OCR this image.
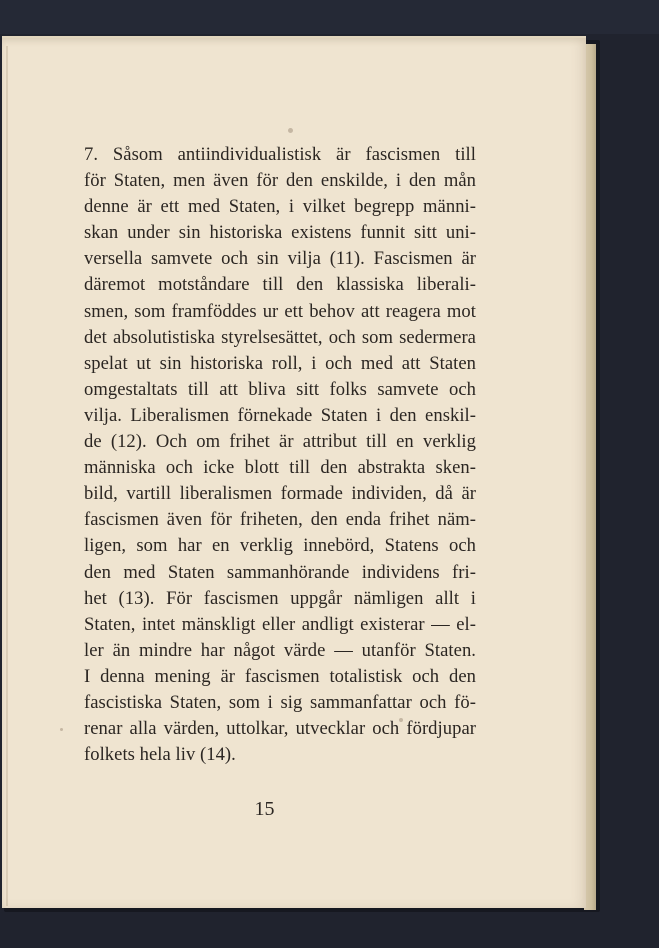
7. Såsom antiindividualistisk är fascismen till
för Staten, men även för den enskilde, i den mån
denne är ett med Staten, i vilket begrepp männi-
skan under sin historiska existens funnit sitt uni-
versella samvete och sin vilja (11). Fascismen är
däremot motståndare till den klassiska liberali-
smen, som framföddes ur ett behov att reagera mot
det absolutistiska styrelsesättet, och som sedermera
spelat ut sin historiska roll, i och med att Staten
omgestaltats till att bliva sitt folks samvete och
vilja. Liberalismen förnekade Staten i den enskil-
de (12). Och om frihet är attribut till en verklig
människa och icke blott till den abstrakta sken-
bild, vartill liberalismen formade individen, då är
fascismen även för friheten, den enda frihet näm-
ligen, som har en verklig innebörd, Statens och
den med Staten sammanhörande individens fri-
het (13). För fascismen uppgår nämligen allt i
Staten, intet mänskligt eller andligt existerar — el-
ler än mindre har något värde — utanför Staten.
I denna mening är fascismen totalistisk och den
fascistiska Staten, som i sig sammanfattar och fö-
renar alla värden, uttolkar, utvecklar och fördjupar
folkets hela liv (14).
15
